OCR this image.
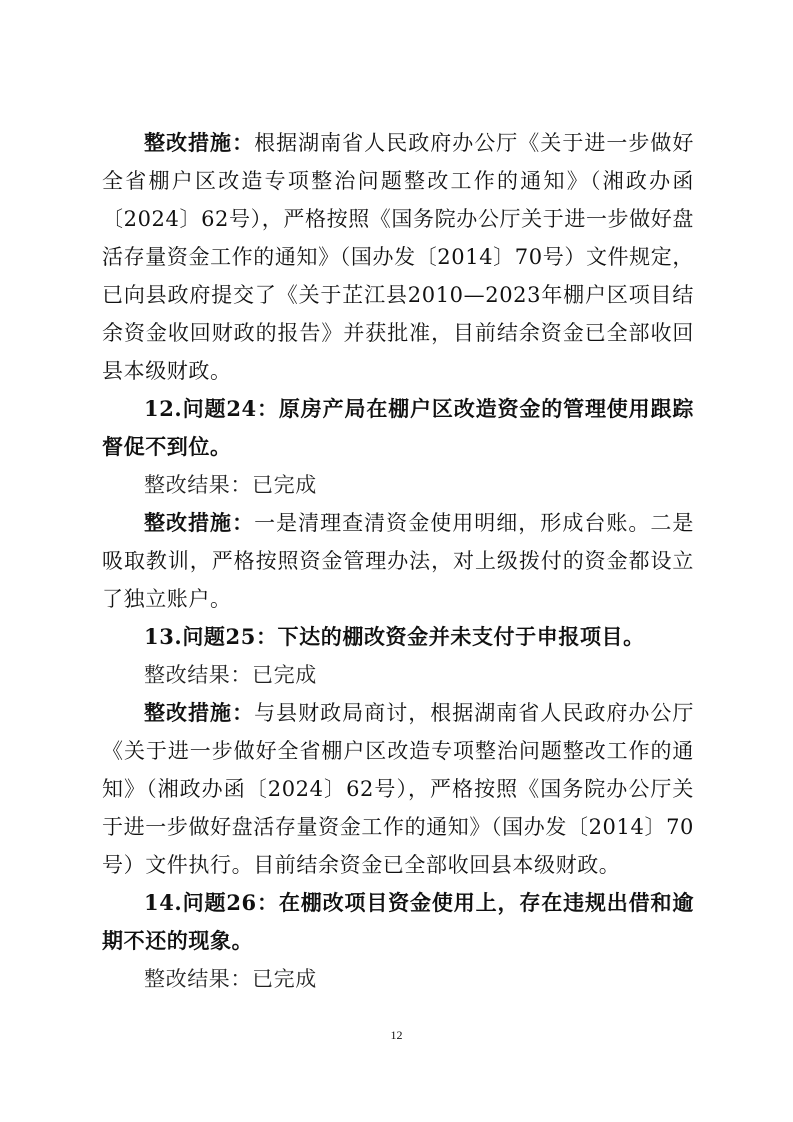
整改措施：根据湖南省人民政府办公厅《关于进一步做好全省棚户区改造专项整治问题整改工作的通知》（湘政办函〔2024〕62号），严格按照《国务院办公厅关于进一步做好盘活存量资金工作的通知》（国办发〔2014〕70号）文件规定，已向县政府提交了《关于芷江县2010—2023年棚户区项目结余资金收回财政的报告》并获批准，目前结余资金已全部收回县本级财政。

12.问题24：原房产局在棚户区改造资金的管理使用跟踪督促不到位。

整改结果：已完成

整改措施：一是清理查清资金使用明细，形成台账。二是吸取教训，严格按照资金管理办法，对上级拨付的资金都设立了独立账户。

13.问题25：下达的棚改资金并未支付于申报项目。

整改结果：已完成

整改措施：与县财政局商讨，根据湖南省人民政府办公厅《关于进一步做好全省棚户区改造专项整治问题整改工作的通知》（湘政办函〔2024〕62号），严格按照《国务院办公厅关于进一步做好盘活存量资金工作的通知》（国办发〔2014〕70号）文件执行。目前结余资金已全部收回县本级财政。

14.问题26：在棚改项目资金使用上，存在违规出借和逾期不还的现象。

整改结果：已完成

12
